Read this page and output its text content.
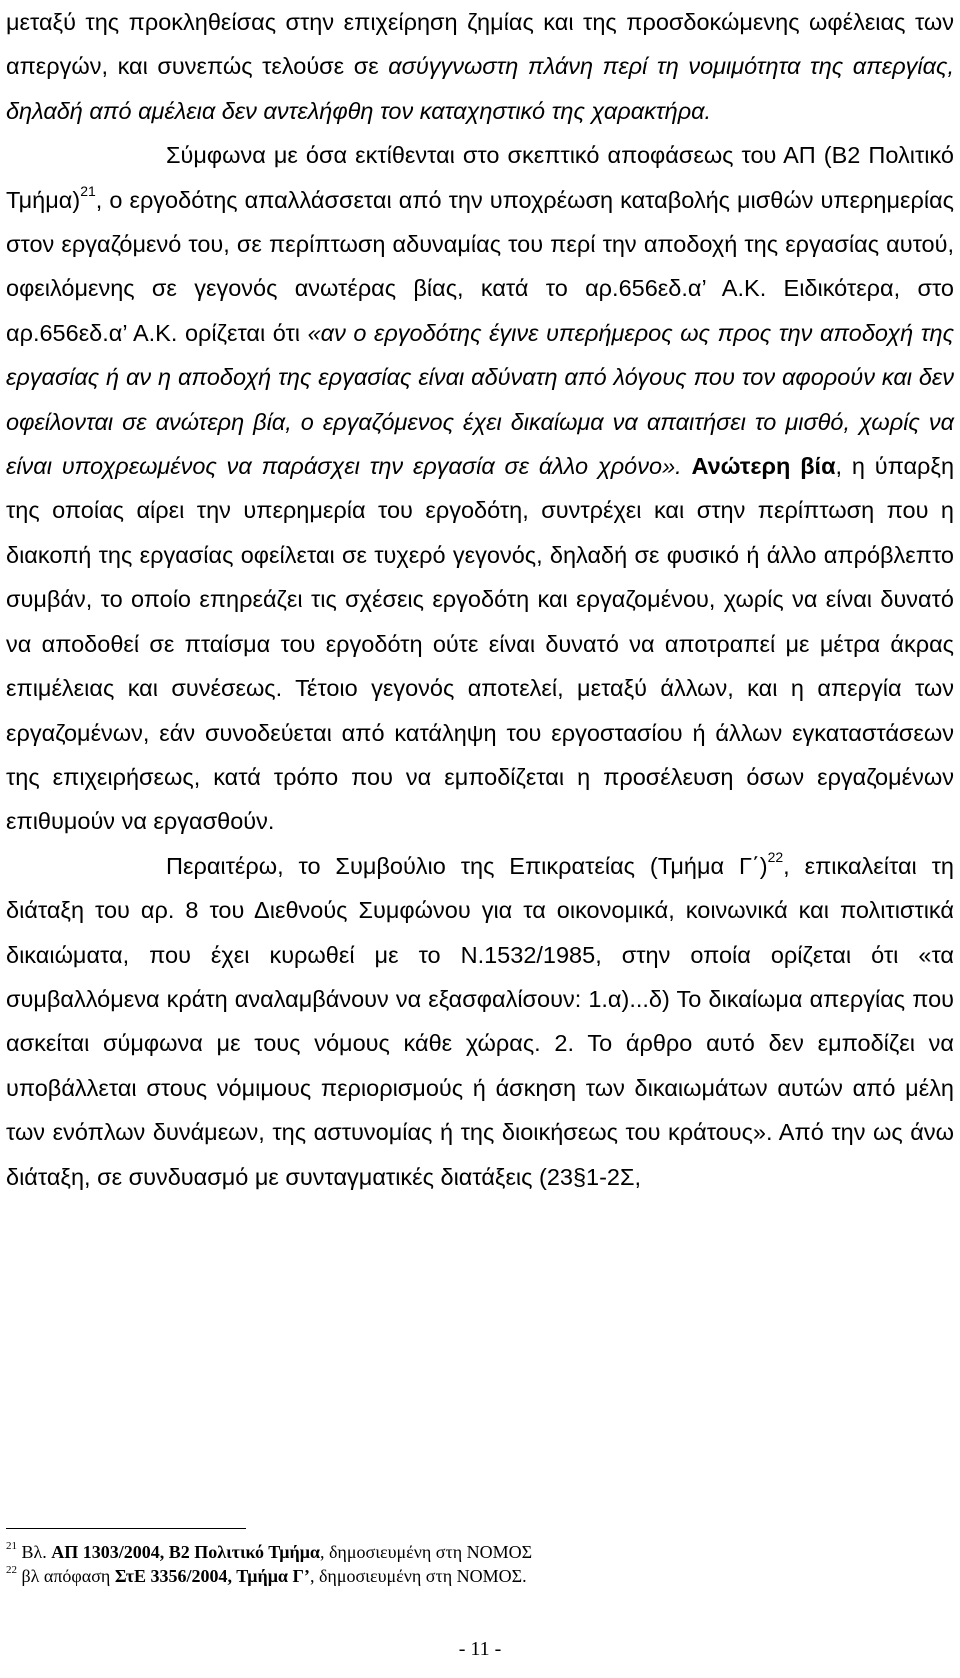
μεταξύ της προκληθείσας στην επιχείρηση ζημίας και της προσδοκώμενης ωφέλειας των απεργών, και συνεπώς τελούσε σε ασύγγνωστη πλάνη περί τη νομιμότητα της απεργίας, δηλαδή από αμέλεια δεν αντελήφθη τον καταχηστικό της χαρακτήρα.

Σύμφωνα με όσα εκτίθενται στο σκεπτικό αποφάσεως του ΑΠ (Β2 Πολιτικό Τμήμα)$^{21}$, ο εργοδότης απαλλάσσεται από την υποχρέωση καταβολής μισθών υπερημερίας στον εργαζόμενό του, σε περίπτωση αδυναμίας του περί την αποδοχή της εργασίας αυτού, οφειλόμενης σε γεγονός ανωτέρας βίας, κατά το αρ.656εδ.α’ Α.Κ. Ειδικότερα, στο αρ.656εδ.α’ Α.Κ. ορίζεται ότι «αν ο εργοδότης έγινε υπερήμερος ως προς την αποδοχή της εργασίας ή αν η αποδοχή της εργασίας είναι αδύνατη από λόγους που τον αφορούν και δεν οφείλονται σε ανώτερη βία, ο εργαζόμενος έχει δικαίωμα να απαιτήσει το μισθό, χωρίς να είναι υποχρεωμένος να παράσχει την εργασία σε άλλο χρόνο». Ανώτερη βία, η ύπαρξη της οποίας αίρει την υπερημερία του εργοδότη, συντρέχει και στην περίπτωση που η διακοπή της εργασίας οφείλεται σε τυχερό γεγονός, δηλαδή σε φυσικό ή άλλο απρόβλεπτο συμβάν, το οποίο επηρεάζει τις σχέσεις εργοδότη και εργαζομένου, χωρίς να είναι δυνατό να αποδοθεί σε πταίσμα του εργοδότη ούτε είναι δυνατό να αποτραπεί με μέτρα άκρας επιμέλειας και συνέσεως. Τέτοιο γεγονός αποτελεί, μεταξύ άλλων, και η απεργία των εργαζομένων, εάν συνοδεύεται από κατάληψη του εργοστασίου ή άλλων εγκαταστάσεων της επιχειρήσεως, κατά τρόπο που να εμποδίζεται η προσέλευση όσων εργαζομένων επιθυμούν να εργασθούν.

Περαιτέρω, το Συμβούλιο της Επικρατείας (Τμήμα Γ΄)$^{22}$, επικαλείται τη διάταξη του αρ. 8 του Διεθνούς Συμφώνου για τα οικονομικά, κοινωνικά και πολιτιστικά δικαιώματα, που έχει κυρωθεί με το Ν.1532/1985, στην οποία ορίζεται ότι «τα συμβαλλόμενα κράτη αναλαμβάνουν να εξασφαλίσουν: 1.α)...δ) Το δικαίωμα απεργίας που ασκείται σύμφωνα με τους νόμους κάθε χώρας. 2. Το άρθρο αυτό δεν εμποδίζει να υποβάλλεται στους νόμιμους περιορισμούς ή άσκηση των δικαιωμάτων αυτών από μέλη των ενόπλων δυνάμεων, της αστυνομίας ή της διοικήσεως του κράτους». Από την ως άνω διάταξη, σε συνδυασμό με συνταγματικές διατάξεις (23§1-2Σ,

$^{21}$ Βλ. ΑΠ 1303/2004, Β2 Πολιτικό Τμήμα, δημοσιευμένη στη ΝΟΜΟΣ

$^{22}$ βλ απόφαση ΣτΕ 3356/2004, Τμήμα Γ’, δημοσιευμένη στη ΝΟΜΟΣ.

- 11 -
